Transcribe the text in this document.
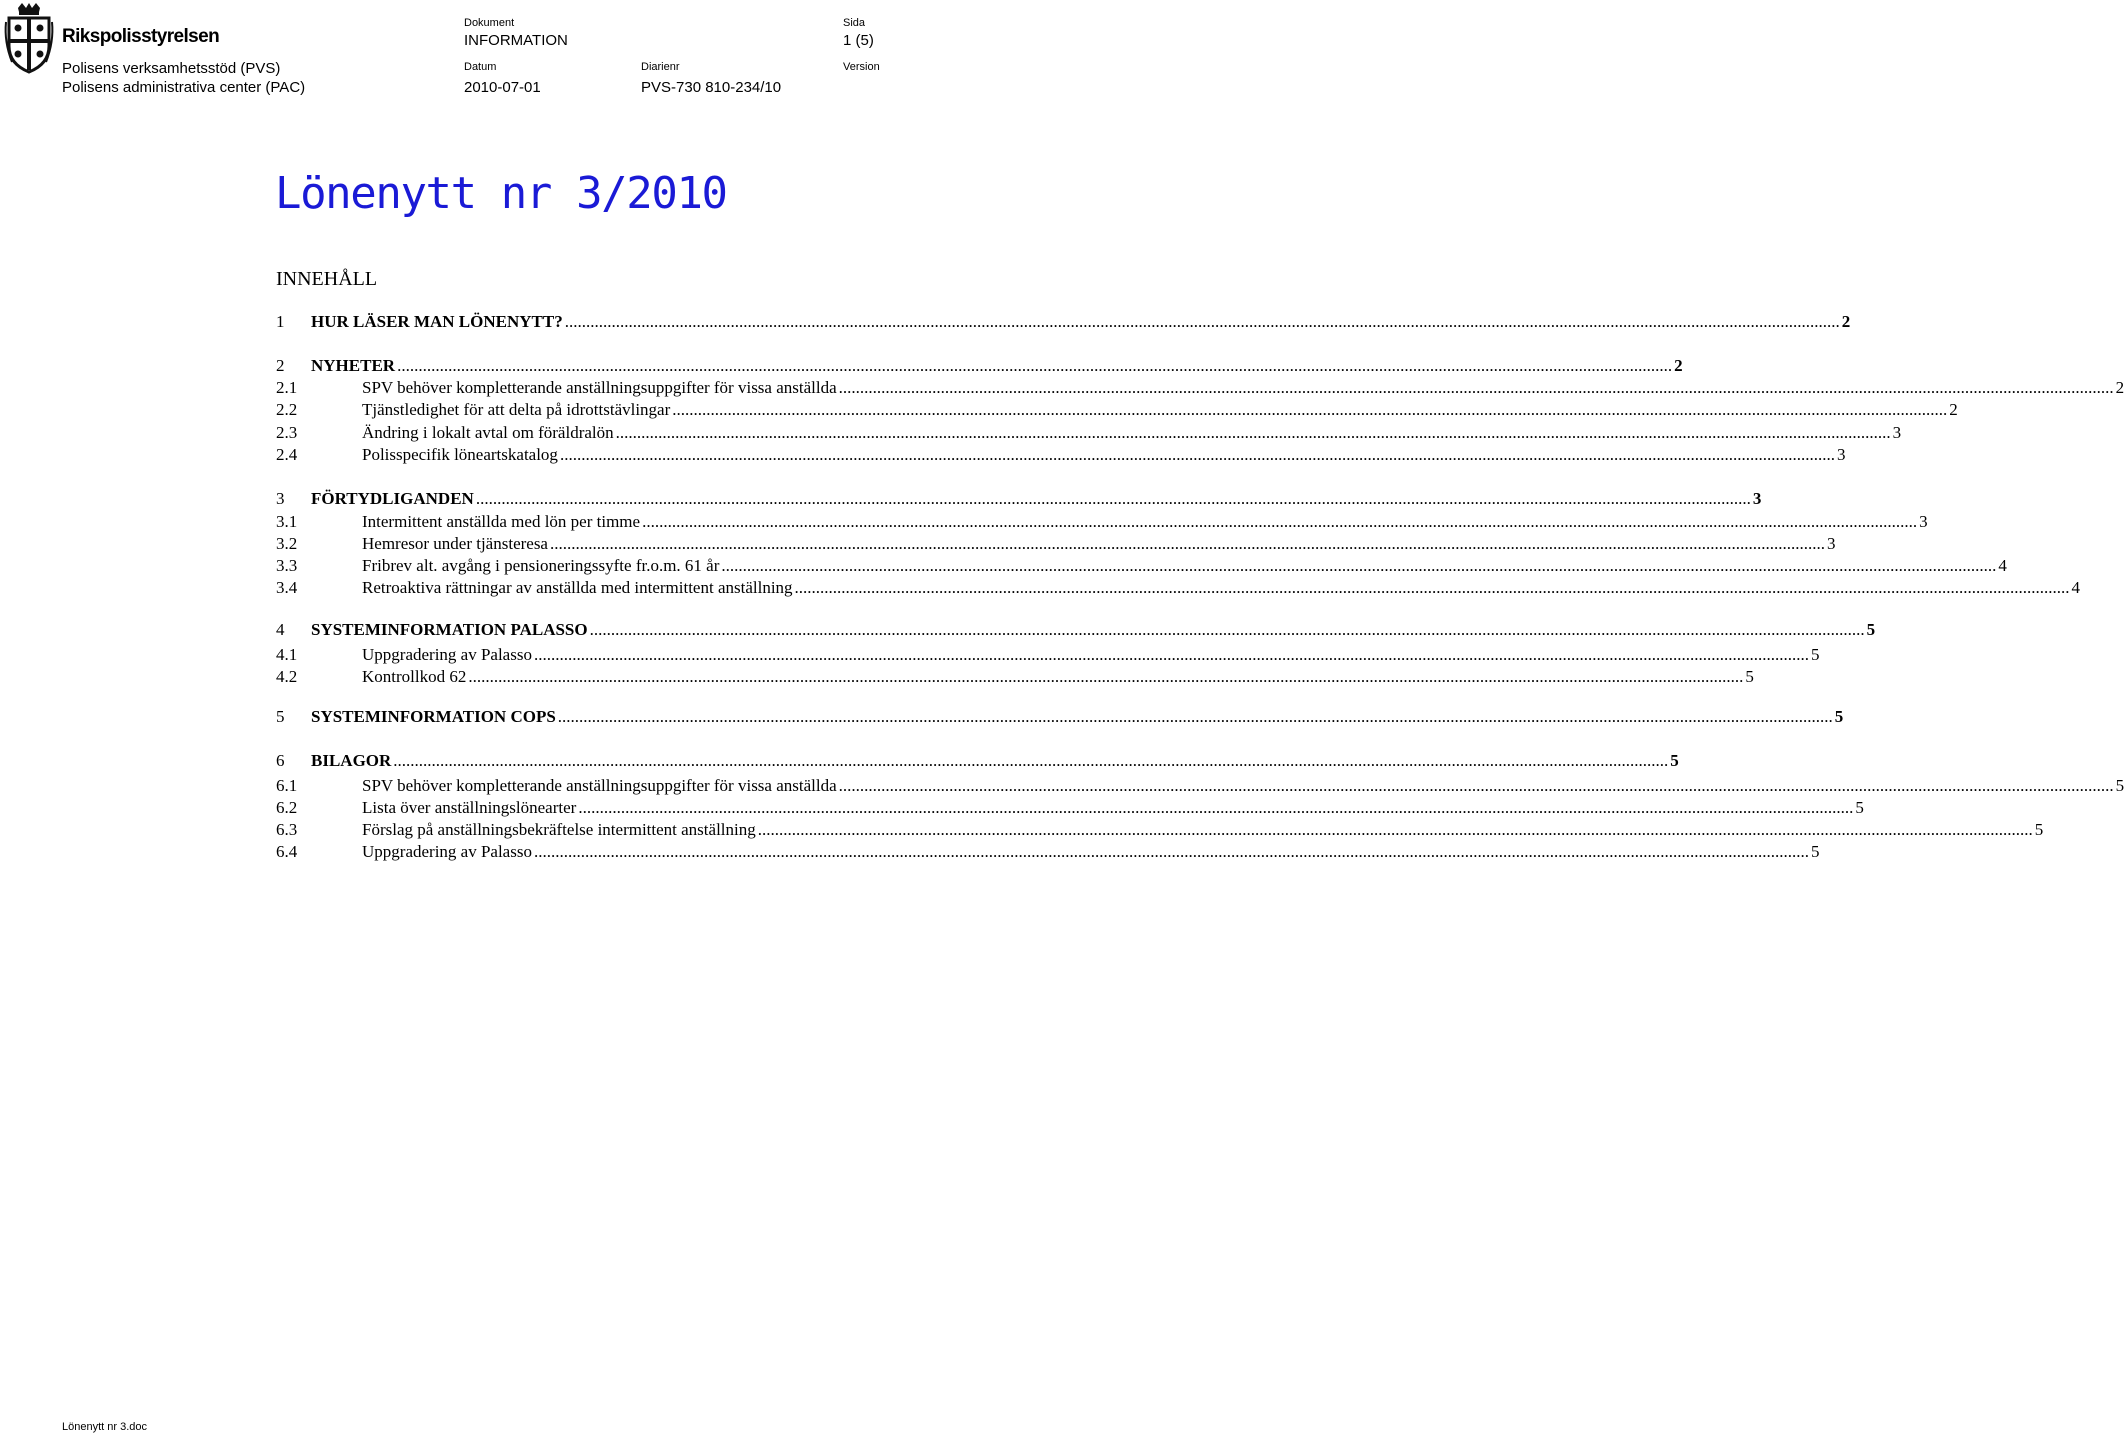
Rikspolisstyrelsen
Polisens verksamhetsstöd (PVS)
Polisens administrativa center (PAC)
Dokument
INFORMATION
Sida
1 (5)
Datum
2010-07-01
Diarienr
PVS-730 810-234/10
Version
Lönenytt nr 3/2010
INNEHÅLL
1	HUR LÄSER MAN LÖNENYTT? ............................................................................................................................................................................................................................................................................................................ 2
2	NYHETER ............................................................................................................................................................................................................................................................................................................ 2
2.1	SPV behöver kompletterande anställningsuppgifter för vissa anställda ............................................................................................................................................................................................................................................................................................................ 2
2.2	Tjänstledighet för att delta på idrottstävlingar ............................................................................................................................................................................................................................................................................................................ 2
2.3	Ändring i lokalt avtal om föräldralön ............................................................................................................................................................................................................................................................................................................ 3
2.4	Polisspecifik löneartskatalog ............................................................................................................................................................................................................................................................................................................ 3
3	FÖRTYDLIGANDEN ............................................................................................................................................................................................................................................................................................................ 3
3.1	Intermittent anställda med lön per timme ............................................................................................................................................................................................................................................................................................................ 3
3.2	Hemresor under tjänsteresa ............................................................................................................................................................................................................................................................................................................ 3
3.3	Fribrev alt. avgång i pensioneringssyfte fr.o.m. 61 år ............................................................................................................................................................................................................................................................................................................ 4
3.4	Retroaktiva rättningar av anställda med intermittent anställning ............................................................................................................................................................................................................................................................................................................ 4
4	SYSTEMINFORMATION PALASSO ............................................................................................................................................................................................................................................................................................................ 5
4.1	Uppgradering av Palasso ............................................................................................................................................................................................................................................................................................................ 5
4.2	Kontrollkod 62 ............................................................................................................................................................................................................................................................................................................ 5
5	SYSTEMINFORMATION COPS ............................................................................................................................................................................................................................................................................................................ 5
6	BILAGOR ............................................................................................................................................................................................................................................................................................................ 5
6.1	SPV behöver kompletterande anställningsuppgifter för vissa anställda ............................................................................................................................................................................................................................................................................................................ 5
6.2	Lista över anställningslönearter ............................................................................................................................................................................................................................................................................................................ 5
6.3	Förslag på anställningsbekräftelse intermittent anställning ............................................................................................................................................................................................................................................................................................................ 5
6.4	Uppgradering av Palasso ............................................................................................................................................................................................................................................................................................................ 5
Lönenytt nr 3.doc
